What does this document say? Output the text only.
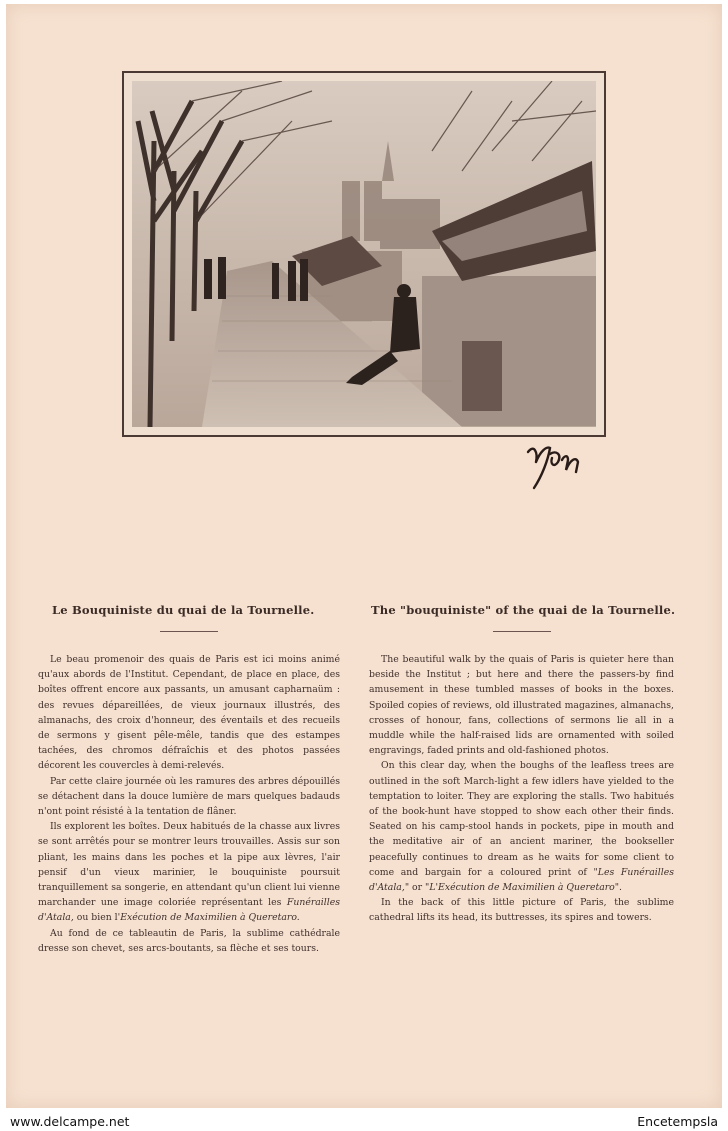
Le Bouquiniste du quai de la Tournelle.

Le beau promenoir des quais de Paris est ici moins animé qu'aux abords de l'Institut. Cependant, de place en place, des boîtes offrent encore aux passants, un amusant capharnaüm : des revues dépareillées, de vieux journaux illustrés, des almanachs, des croix d'honneur, des éventails et des recueils de sermons y gisent pêle-mêle, tandis que des estampes tachées, des chromos défraîchis et des photos passées décorent les couvercles à demi-relevés.

Par cette claire journée où les ramures des arbres dépouillés se détachent dans la douce lumière de mars quelques badauds n'ont point résisté à la tentation de flâner.

Ils explorent les boîtes. Deux habitués de la chasse aux livres se sont arrêtés pour se montrer leurs trouvailles. Assis sur son pliant, les mains dans les poches et la pipe aux lèvres, l'air pensif d'un vieux marinier, le bouquiniste poursuit tranquillement sa songerie, en attendant qu'un client lui vienne marchander une image coloriée représentant les Funérailles d'Atala, ou bien l'Exécution de Maximilien à Queretaro.

Au fond de ce tableautin de Paris, la sublime cathédrale dresse son chevet, ses arcs-boutants, sa flèche et ses tours.

The "bouquiniste" of the quai de la Tournelle.

The beautiful walk by the quais of Paris is quieter here than beside the Institut ; but here and there the passers-by find amusement in these tumbled masses of books in the boxes. Spoiled copies of reviews, old illustrated magazines, almanachs, crosses of honour, fans, collections of sermons lie all in a muddle while the half-raised lids are ornamented with soiled engravings, faded prints and old-fashioned photos.

On this clear day, when the boughs of the leafless trees are outlined in the soft March-light a few idlers have yielded to the temptation to loiter. They are exploring the stalls. Two habitués of the book-hunt have stopped to show each other their finds. Seated on his camp-stool hands in pockets, pipe in mouth and the meditative air of an ancient mariner, the bookseller peacefully continues to dream as he waits for some client to come and bargain for a coloured print of "Les Funérailles d'Atala," or "L'Exécution de Maximilien à Queretaro".

In the back of this little picture of Paris, the sublime cathedral lifts its head, its buttresses, its spires and towers.

www.delcampe.net	Encetempsla
